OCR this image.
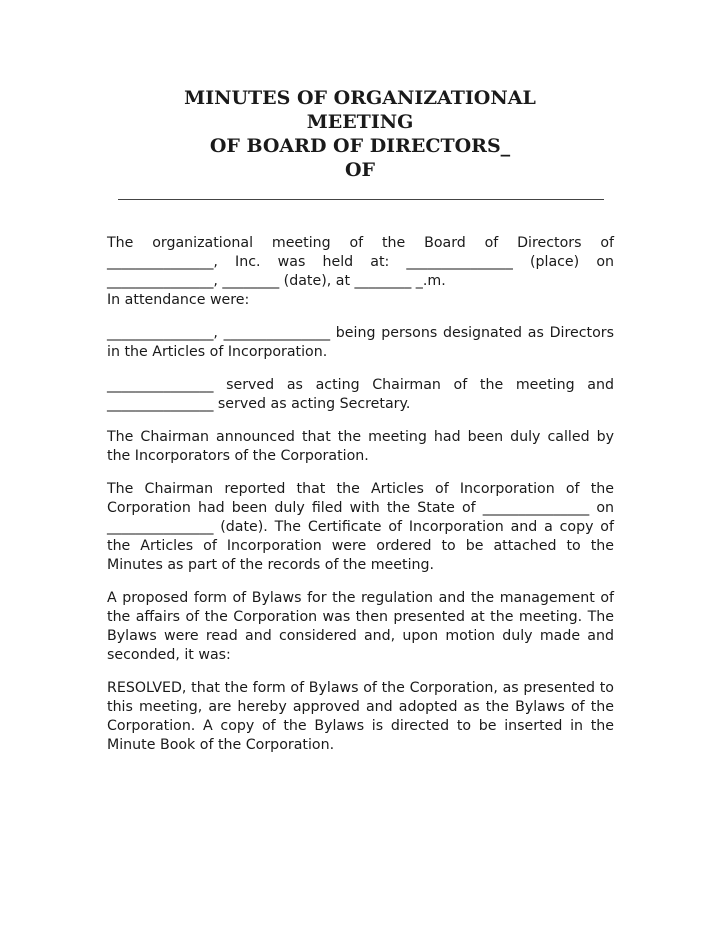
MINUTES OF ORGANIZATIONAL
MEETING
OF BOARD OF DIRECTORS_
OF

The organizational meeting of the Board of Directors of _______________, Inc. was held at: _______________ (place) on _______________, ________ (date), at ________ _.m.

In attendance were:

_______________, _______________ being persons designated as Directors in the Articles of Incorporation.

_______________ served as acting Chairman of the meeting and _______________ served as acting Secretary.

The Chairman announced that the meeting had been duly called by the Incorporators of the Corporation.

The Chairman reported that the Articles of Incorporation of the Corporation had been duly filed with the State of _______________ on _______________ (date). The Certificate of Incorporation and a copy of the Articles of Incorporation were ordered to be attached to the Minutes as part of the records of the meeting.

A proposed form of Bylaws for the regulation and the management of the affairs of the Corporation was then presented at the meeting. The Bylaws were read and considered and, upon motion duly made and seconded, it was:

RESOLVED, that the form of Bylaws of the Corporation, as presented to this meeting, are hereby approved and adopted as the Bylaws of the Corporation. A copy of the Bylaws is directed to be inserted in the Minute Book of the Corporation.
